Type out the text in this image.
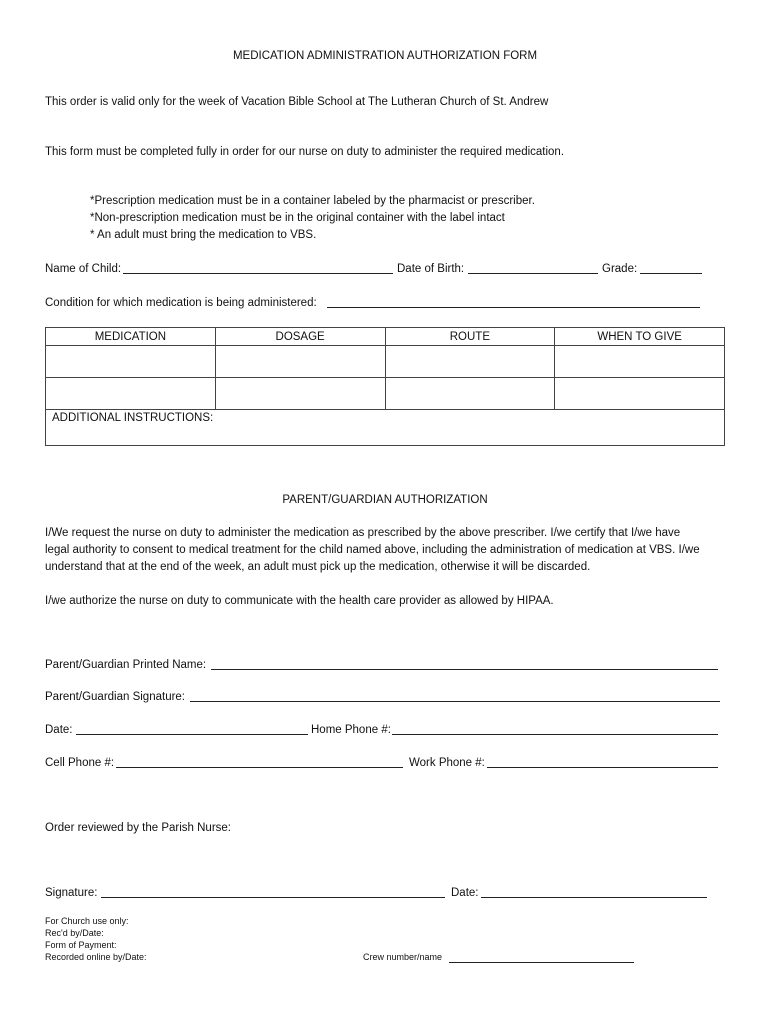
MEDICATION ADMINISTRATION AUTHORIZATION FORM
This order is valid only for the week of Vacation Bible School at The Lutheran Church of St. Andrew
This form must be completed fully in order for our nurse on duty to administer the required medication.
*Prescription medication must be in a container labeled by the pharmacist or prescriber.
*Non-prescription medication must be in the original container with the label intact
* An adult must bring the medication to VBS.
Name of Child:	Date of Birth:	Grade:
Condition for which medication is being administered:
MEDICATION	DOSAGE	ROUTE	WHEN TO GIVE

ADDITIONAL INSTRUCTIONS:			
PARENT/GUARDIAN AUTHORIZATION
I/We request the nurse on duty to administer the medication as prescribed by the above prescriber. I/we certify that I/we have
legal authority to consent to medical treatment for the child named above, including the administration of medication at VBS. I/we
understand that at the end of the week, an adult must pick up the medication, otherwise it will be discarded.
I/we authorize the nurse on duty to communicate with the health care provider as allowed by HIPAA.
Parent/Guardian Printed Name:
Parent/Guardian Signature:
Date:	Home Phone #:
Cell Phone #:	Work Phone #:
Order reviewed by the Parish Nurse:
Signature:	Date:
For Church use only:
Rec'd by/Date:
Form of Payment:
Recorded online by/Date:	Crew number/name
